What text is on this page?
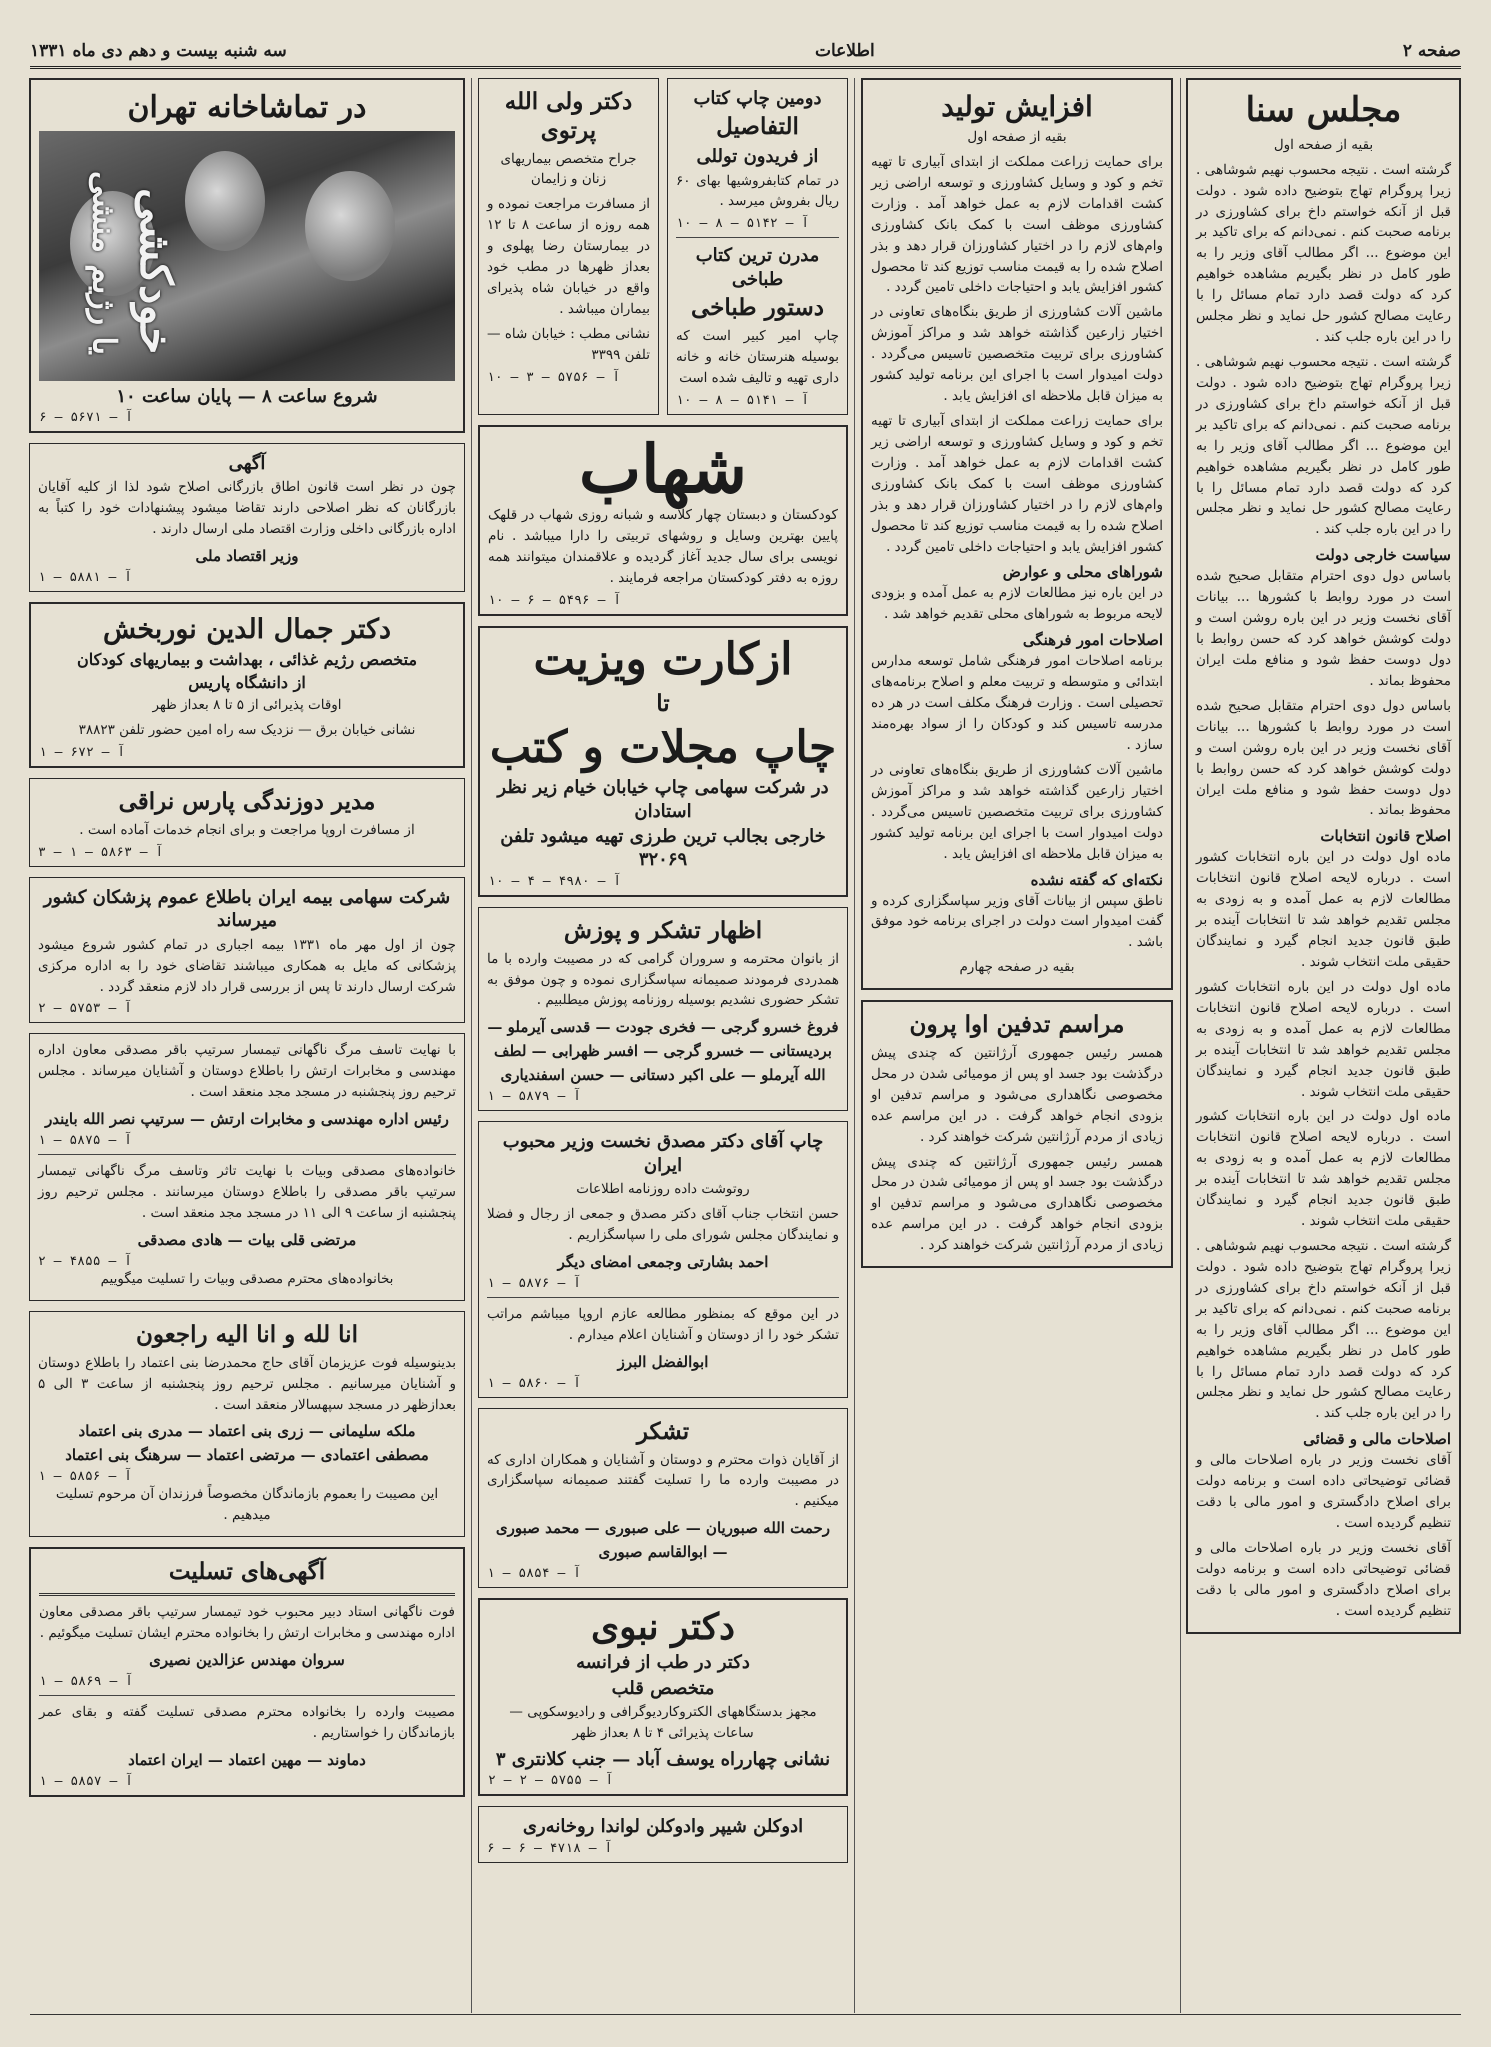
صفحه ۲
اطلاعات
سه شنبه بیست و دهم دی ماه ۱۳۳۱
مجلس سنا
بقیه از صفحه اول

گرشته است . نتیجه محسوب نهیم شوشاهی . زیرا پروگرام تهاج بتوضیح داده شود . دولت قبل از آنکه خواستم داخ برای کشاورزی در برنامه صحبت کنم . نمی‌دانم که برای تاکید بر این موضوع ... اگر مطالب آقای وزیر را به طور کامل در نظر بگیریم مشاهده خواهیم کرد که دولت قصد دارد تمام مسائل را با رعایت مصالح کشور حل نماید و نظر مجلس را در این باره جلب کند .

گرشته است . نتیجه محسوب نهیم شوشاهی . زیرا پروگرام تهاج بتوضیح داده شود . دولت قبل از آنکه خواستم داخ برای کشاورزی در برنامه صحبت کنم . نمی‌دانم که برای تاکید بر این موضوع ... اگر مطالب آقای وزیر را به طور کامل در نظر بگیریم مشاهده خواهیم کرد که دولت قصد دارد تمام مسائل را با رعایت مصالح کشور حل نماید و نظر مجلس را در این باره جلب کند .

سیاست خارجی دولت

باساس دول دوی احترام متقابل صحیح شده است در مورد روابط با کشورها ... بیانات آقای نخست وزیر در این باره روشن است و دولت کوشش خواهد کرد که حسن روابط با دول دوست حفظ شود و منافع ملت ایران محفوظ بماند .

باساس دول دوی احترام متقابل صحیح شده است در مورد روابط با کشورها ... بیانات آقای نخست وزیر در این باره روشن است و دولت کوشش خواهد کرد که حسن روابط با دول دوست حفظ شود و منافع ملت ایران محفوظ بماند .

اصلاح قانون انتخابات

ماده اول دولت در این باره انتخابات کشور است . درباره لایحه اصلاح قانون انتخابات مطالعات لازم به عمل آمده و به زودی به مجلس تقدیم خواهد شد تا انتخابات آینده بر طبق قانون جدید انجام گیرد و نمایندگان حقیقی ملت انتخاب شوند .

ماده اول دولت در این باره انتخابات کشور است . درباره لایحه اصلاح قانون انتخابات مطالعات لازم به عمل آمده و به زودی به مجلس تقدیم خواهد شد تا انتخابات آینده بر طبق قانون جدید انجام گیرد و نمایندگان حقیقی ملت انتخاب شوند .

ماده اول دولت در این باره انتخابات کشور است . درباره لایحه اصلاح قانون انتخابات مطالعات لازم به عمل آمده و به زودی به مجلس تقدیم خواهد شد تا انتخابات آینده بر طبق قانون جدید انجام گیرد و نمایندگان حقیقی ملت انتخاب شوند .

گرشته است . نتیجه محسوب نهیم شوشاهی . زیرا پروگرام تهاج بتوضیح داده شود . دولت قبل از آنکه خواستم داخ برای کشاورزی در برنامه صحبت کنم . نمی‌دانم که برای تاکید بر این موضوع ... اگر مطالب آقای وزیر را به طور کامل در نظر بگیریم مشاهده خواهیم کرد که دولت قصد دارد تمام مسائل را با رعایت مصالح کشور حل نماید و نظر مجلس را در این باره جلب کند .

اصلاحات مالی و قضائی

آقای نخست وزیر در باره اصلاحات مالی و قضائی توضیحاتی داده است و برنامه دولت برای اصلاح دادگستری و امور مالی با دقت تنظیم گردیده است .

آقای نخست وزیر در باره اصلاحات مالی و قضائی توضیحاتی داده است و برنامه دولت برای اصلاح دادگستری و امور مالی با دقت تنظیم گردیده است .

افزایش تولید
بقیه از صفحه اول

برای حمایت زراعت مملکت از ابتدای آبیاری تا تهیه تخم و کود و وسایل کشاورزی و توسعه اراضی زیر کشت اقدامات لازم به عمل خواهد آمد . وزارت کشاورزی موظف است با کمک بانک کشاورزی وام‌های لازم را در اختیار کشاورزان قرار دهد و بذر اصلاح شده را به قیمت مناسب توزیع کند تا محصول کشور افزایش یابد و احتیاجات داخلی تامین گردد .

ماشین آلات کشاورزی از طریق بنگاه‌های تعاونی در اختیار زارعین گذاشته خواهد شد و مراکز آموزش کشاورزی برای تربیت متخصصین تاسیس می‌گردد . دولت امیدوار است با اجرای این برنامه تولید کشور به میزان قابل ملاحظه ای افزایش یابد .

برای حمایت زراعت مملکت از ابتدای آبیاری تا تهیه تخم و کود و وسایل کشاورزی و توسعه اراضی زیر کشت اقدامات لازم به عمل خواهد آمد . وزارت کشاورزی موظف است با کمک بانک کشاورزی وام‌های لازم را در اختیار کشاورزان قرار دهد و بذر اصلاح شده را به قیمت مناسب توزیع کند تا محصول کشور افزایش یابد و احتیاجات داخلی تامین گردد .

شوراهای محلی و عوارض

در این باره نیز مطالعات لازم به عمل آمده و بزودی لایحه مربوط به شوراهای محلی تقدیم خواهد شد .

اصلاحات امور فرهنگی

برنامه اصلاحات امور فرهنگی شامل توسعه مدارس ابتدائی و متوسطه و تربیت معلم و اصلاح برنامه‌های تحصیلی است . وزارت فرهنگ مکلف است در هر ده مدرسه تاسیس کند و کودکان را از سواد بهره‌مند سازد .

ماشین آلات کشاورزی از طریق بنگاه‌های تعاونی در اختیار زارعین گذاشته خواهد شد و مراکز آموزش کشاورزی برای تربیت متخصصین تاسیس می‌گردد . دولت امیدوار است با اجرای این برنامه تولید کشور به میزان قابل ملاحظه ای افزایش یابد .

نکته‌ای که گفته نشده

ناطق سپس از بیانات آقای وزیر سپاسگزاری کرده و گفت امیدوار است دولت در اجرای برنامه خود موفق باشد .

بقیه در صفحه چهارم
مراسم تدفین اوا پرون

همسر رئیس جمهوری آرژانتین که چندی پیش درگذشت بود جسد او پس از مومیائی شدن در محل مخصوصی نگاهداری می‌شود و مراسم تدفین او بزودی انجام خواهد گرفت . در این مراسم عده زیادی از مردم آرژانتین شرکت خواهند کرد .

همسر رئیس جمهوری آرژانتین که چندی پیش درگذشت بود جسد او پس از مومیائی شدن در محل مخصوصی نگاهداری می‌شود و مراسم تدفین او بزودی انجام خواهد گرفت . در این مراسم عده زیادی از مردم آرژانتین شرکت خواهند کرد .

دومین چاپ کتاب
التفاصیل
از فریدون توللی

در تمام کتابفروشیها بهای ۶۰ ریال بفروش میرسد .

آ — ۵۱۴۲ — ۸ — ۱۰
مدرن ترین کتاب طباخی
دستور طباخی

چاپ امیر کبیر است که بوسیله هنرستان خانه و خانه داری تهیه و تالیف شده است

آ — ۵۱۴۱ — ۸ — ۱۰
دکتر ولی الله پرتوی
جراح متخصص بیماریهای زنان و زایمان

از مسافرت مراجعت نموده و همه روزه از ساعت ۸ تا ۱۲ در بیمارستان رضا پهلوی و بعداز ظهرها در مطب خود واقع در خیابان شاه پذیرای بیماران میباشد .

نشانی مطب : خیابان شاه — تلفن ۳۳۹۹

آ — ۵۷۵۶ — ۳ — ۱۰
شهاب

کودکستان و دبستان چهار کلاسه و شبانه روزی شهاب در قلهک پایین بهترین وسایل و روشهای تربیتی را دارا میباشد . نام نویسی برای سال جدید آغاز گردیده و علاقمندان میتوانند همه روزه به دفتر کودکستان مراجعه فرمایند .

آ — ۵۴۹۶ — ۶ — ۱۰
ازکارت ویزیت
تا
چاپ مجلات و کتب
در شرکت سهامی چاپ خیابان خیام زیر نظر استادان
خارجی بجالب ترین طرزی تهیه میشود تلفن ۳۲۰۶۹
آ — ۴۹۸۰ — ۴ — ۱۰
اظهار تشکر و پوزش

از بانوان محترمه و سروران گرامی که در مصیبت وارده با ما همدردی فرمودند صمیمانه سپاسگزاری نموده و چون موفق به تشکر حضوری نشدیم بوسیله روزنامه پوزش میطلبیم .

فروغ خسرو گرجی — فخری جودت — قدسی آیرملو — بردیستانی — خسرو گرجی — افسر ظهرابی — لطف الله آیرملو — علی اکبر دستانی — حسن اسفندیاری
آ — ۵۸۷۹ — ۱
چاپ آقای دکتر مصدق نخست وزیر محبوب ایران
روتوشت داده روزنامه اطلاعات

حسن انتخاب جناب آقای دکتر مصدق و جمعی از رجال و فضلا و نمایندگان مجلس شورای ملی را سپاسگزاریم .

احمد بشارتی وجمعی امضای دیگر
آ — ۵۸۷۶ — ۱

در این موقع که بمنظور مطالعه عازم اروپا میباشم مراتب تشکر خود را از دوستان و آشنایان اعلام میدارم .

ابوالفضل البرز
آ — ۵۸۶۰ — ۱
تشکر

از آقایان ذوات محترم و دوستان و آشنایان و همکاران اداری که در مصیبت وارده ما را تسلیت گفتند صمیمانه سپاسگزاری میکنیم .

رحمت الله صبوریان — علی صبوری — محمد صبوری — ابوالقاسم صبوری
آ — ۵۸۵۴ — ۱
دکتر نبوی
دکتر در طب از فرانسه
متخصص قلب

مجهز بدستگاههای الکتروکاردیوگرافی و رادیوسکوپی — ساعات پذیرائی ۴ تا ۸ بعداز ظهر

نشانی چهارراه یوسف آباد — جنب کلانتری ۳
آ — ۵۷۵۵ — ۲ — ۲
ادوکلن شیپر وادوکلن لواندا روخانه‌ری
آ — ۴۷۱۸ — ۶ — ۶
در تماشاخانه تهران
خودکشی
یا رژیم منشی
شروع ساعت ۸ — پایان ساعت ۱۰
آ — ۵۶۷۱ — ۶
آگهی

چون در نظر است قانون اطاق بازرگانی اصلاح شود لذا از کلیه آقایان بازرگانان که نظر اصلاحی دارند تقاضا میشود پیشنهادات خود را کتباً به اداره بازرگانی داخلی وزارت اقتصاد ملی ارسال دارند .

وزیر اقتصاد ملی
آ — ۵۸۸۱ — ۱
دکتر جمال الدین نوربخش
متخصص رژیم غذائی ، بهداشت و بیماریهای کودکان
از دانشگاه پاریس
اوقات پذیرائی از ۵ تا ۸ بعداز ظهر
نشانی خیابان برق — نزدیک سه راه امین حضور تلفن ۳۸۸۲۳
آ — ۶۷۲ — ۱
مدیر دوزندگی پارس نراقی

از مسافرت اروپا مراجعت و برای انجام خدمات آماده است .

آ — ۵۸۶۳ — ۱ — ۳
شرکت سهامی بیمه ایران باطلاع عموم پزشکان کشور میرساند

چون از اول مهر ماه ۱۳۳۱ بیمه اجباری در تمام کشور شروع میشود پزشکانی که مایل به همکاری میباشند تقاضای خود را به اداره مرکزی شرکت ارسال دارند تا پس از بررسی قرار داد لازم منعقد گردد .

آ — ۵۷۵۳ — ۲

با نهایت تاسف مرگ ناگهانی تیمسار سرتیپ باقر مصدقی معاون اداره مهندسی و مخابرات ارتش را باطلاع دوستان و آشنایان میرساند . مجلس ترحیم روز پنجشنبه در مسجد مجد منعقد است .

رئیس اداره مهندسی و مخابرات ارتش — سرتیپ نصر الله بایندر
آ — ۵۸۷۵ — ۱

خانواده‌های مصدقی وبیات با نهایت تاثر وتاسف مرگ ناگهانی تیمسار سرتیپ باقر مصدقی را باطلاع دوستان میرسانند . مجلس ترحیم روز پنجشنبه از ساعت ۹ الی ۱۱ در مسجد مجد منعقد است .

مرتضی قلی بیات — هادی مصدقی
آ — ۴۸۵۵ — ۲

بخانواده‌های محترم مصدقی وبیات را تسلیت میگوییم

انا لله و انا الیه راجعون

بدینوسیله فوت عزیزمان آقای حاج محمدرضا بنی اعتماد را باطلاع دوستان و آشنایان میرسانیم . مجلس ترحیم روز پنجشنبه از ساعت ۳ الی ۵ بعدازظهر در مسجد سپهسالار منعقد است .

ملکه سلیمانی — زری بنی اعتماد — مدری بنی اعتماد
مصطفی اعتمادی — مرتضی اعتماد — سرهنگ بنی اعتماد
آ — ۵۸۵۶ — ۱

این مصیبت را بعموم بازماندگان مخصوصاً فرزندان آن مرحوم تسلیت میدهیم .

آگهی‌های تسلیت

فوت ناگهانی استاد دبیر محبوب خود تیمسار سرتیپ باقر مصدقی معاون اداره مهندسی و مخابرات ارتش را بخانواده محترم ایشان تسلیت میگوئیم .

سروان مهندس عزالدین نصیری
آ — ۵۸۶۹ — ۱

مصیبت وارده را بخانواده محترم مصدقی تسلیت گفته و بقای عمر بازماندگان را خواستاریم .

دماوند — مهین اعتماد — ایران اعتماد
آ — ۵۸۵۷ — ۱
